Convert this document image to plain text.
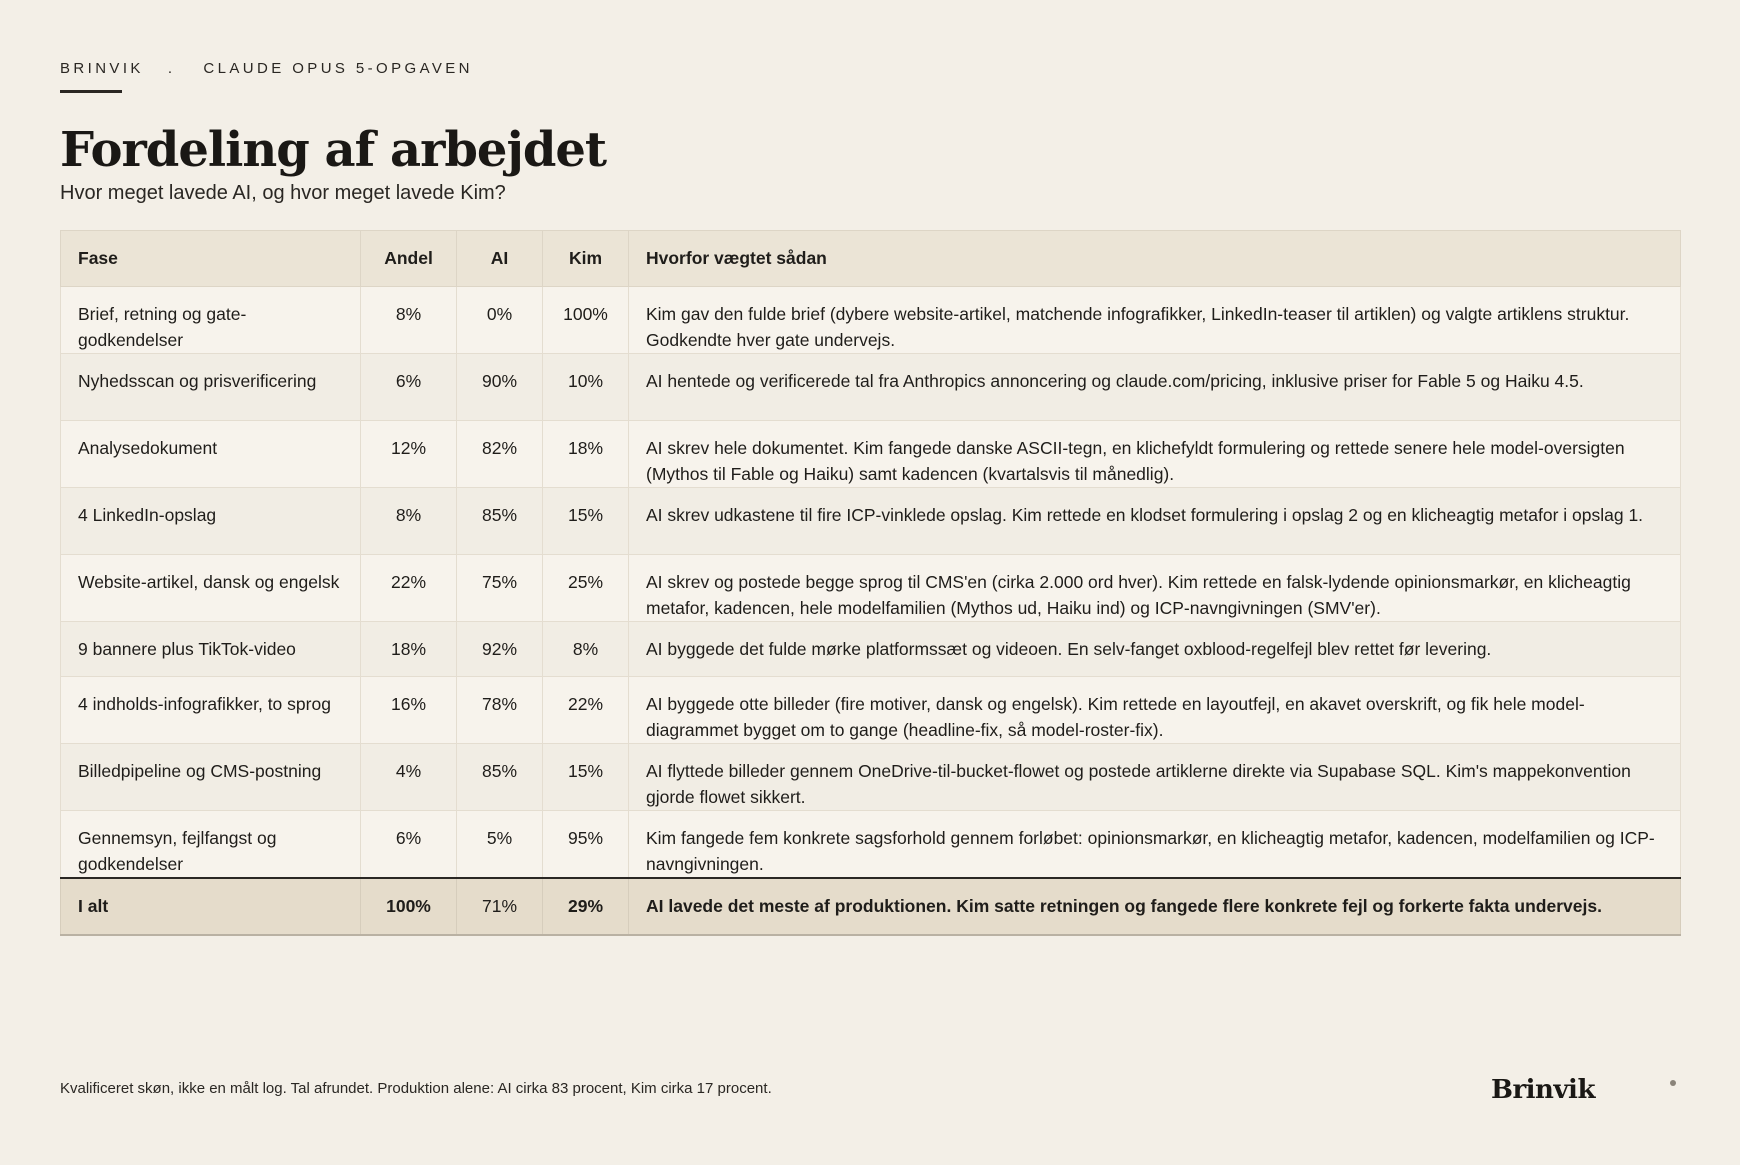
BRINVIK . CLAUDE OPUS 5-OPGAVEN
Fordeling af arbejdet

Hvor meget lavede AI, og hvor meget lavede Kim?

Fase	Andel	AI	Kim	Hvorfor vægtet sådan
Brief, retning og gate-godkendelser	8%	0%	100%	Kim gav den fulde brief (dybere website-artikel, matchende infografikker, LinkedIn-teaser til artiklen) og valgte artiklens struktur. Godkendte hver gate undervejs.
Nyhedsscan og prisverificering	6%	90%	10%	AI hentede og verificerede tal fra Anthropics annoncering og claude.com/pricing, inklusive priser for Fable 5 og Haiku 4.5.
Analysedokument	12%	82%	18%	AI skrev hele dokumentet. Kim fangede danske ASCII-tegn, en klichefyldt formulering og rettede senere hele model-oversigten (Mythos til Fable og Haiku) samt kadencen (kvartalsvis til månedlig).
4 LinkedIn-opslag	8%	85%	15%	AI skrev udkastene til fire ICP-vinklede opslag. Kim rettede en klodset formulering i opslag 2 og en klicheagtig metafor i opslag 1.
Website-artikel, dansk og engelsk	22%	75%	25%	AI skrev og postede begge sprog til CMS'en (cirka 2.000 ord hver). Kim rettede en falsk-lydende opinionsmarkør, en klicheagtig metafor, kadencen, hele modelfamilien (Mythos ud, Haiku ind) og ICP-navngivningen (SMV'er).
9 bannere plus TikTok-video	18%	92%	8%	AI byggede det fulde mørke platformssæt og videoen. En selv-fanget oxblood-regelfejl blev rettet før levering.
4 indholds-infografikker, to sprog	16%	78%	22%	AI byggede otte billeder (fire motiver, dansk og engelsk). Kim rettede en layoutfejl, en akavet overskrift, og fik hele model-diagrammet bygget om to gange (headline-fix, så model-roster-fix).
Billedpipeline og CMS-postning	4%	85%	15%	AI flyttede billeder gennem OneDrive-til-bucket-flowet og postede artiklerne direkte via Supabase SQL. Kim's mappekonvention gjorde flowet sikkert.
Gennemsyn, fejlfangst og godkendelser	6%	5%	95%	Kim fangede fem konkrete sagsforhold gennem forløbet: opinionsmarkør, en klicheagtig metafor, kadencen, modelfamilien og ICP-navngivningen.
I alt	100%	71%	29%	AI lavede det meste af produktionen. Kim satte retningen og fangede flere konkrete fejl og forkerte fakta undervejs.
Kvalificeret skøn, ikke en målt log. Tal afrundet. Produktion alene: AI cirka 83 procent, Kim cirka 17 procent.	Brinvik
